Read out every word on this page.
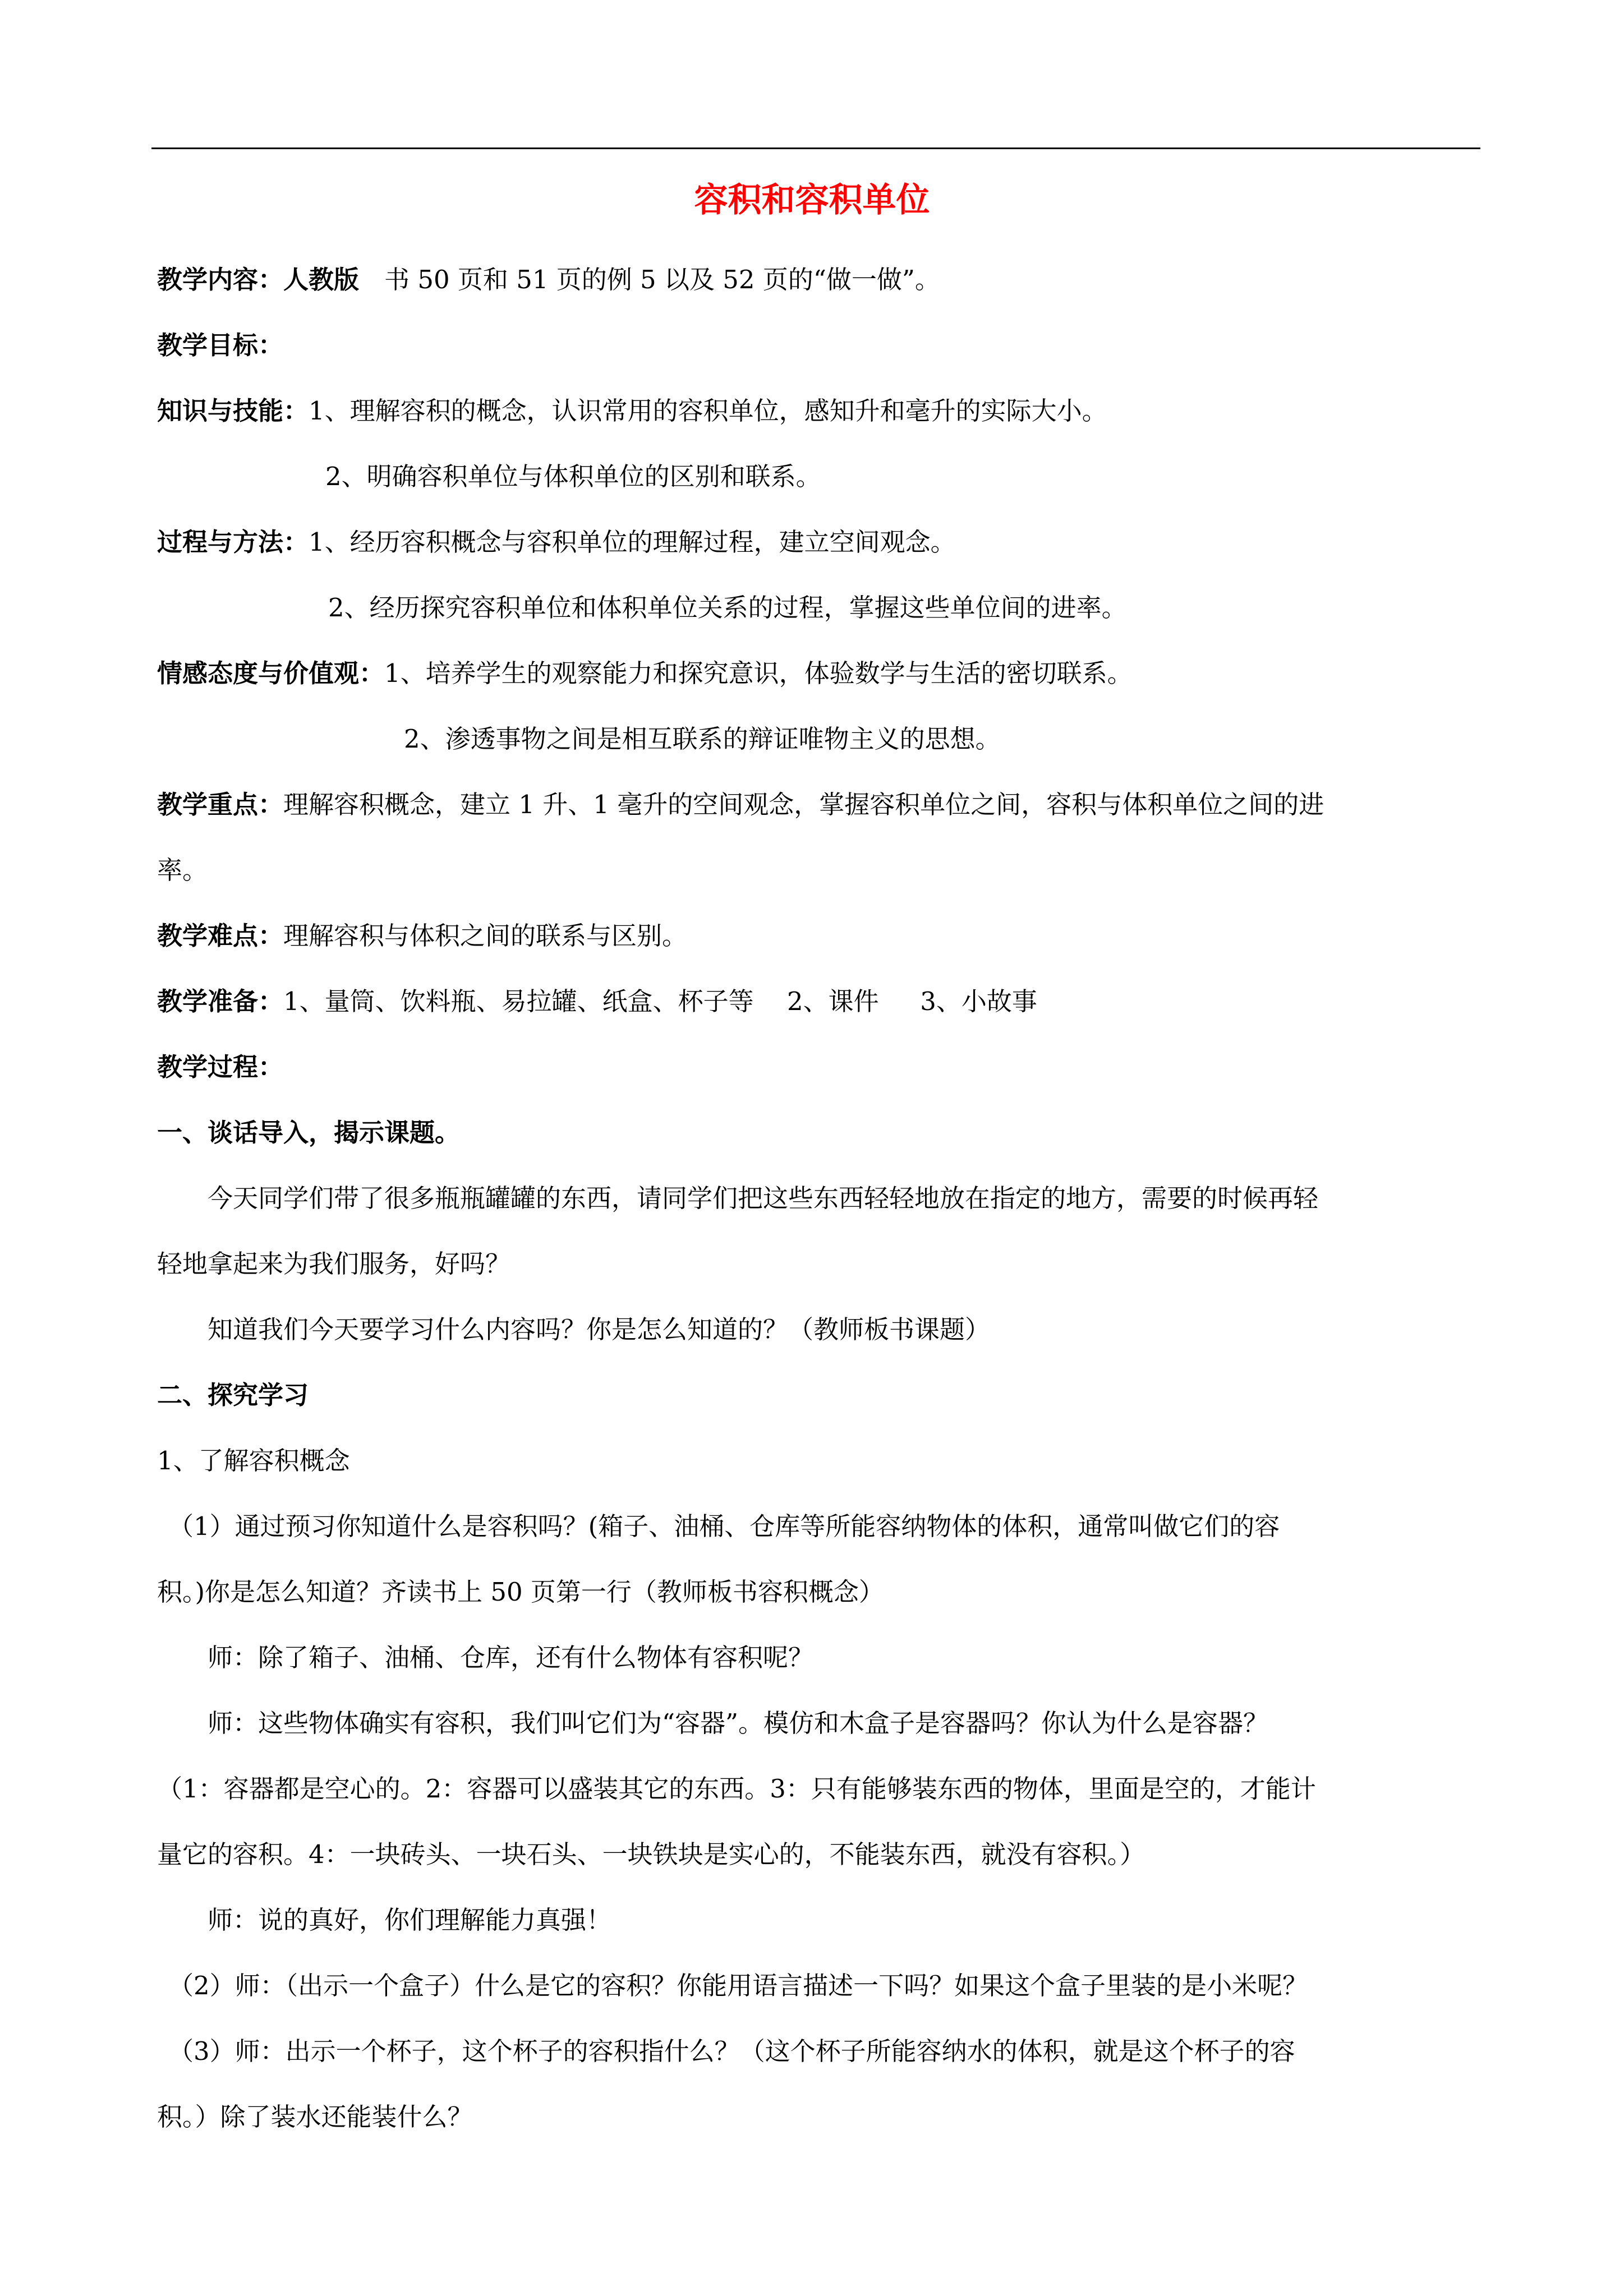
容积和容积单位
教学内容：人教版　书 50 页和 51 页的例 5 以及 52 页的“做一做”。
教学目标：
知识与技能：1、理解容积的概念，认识常用的容积单位，感知升和毫升的实际大小。
2、明确容积单位与体积单位的区别和联系。
过程与方法：1、经历容积概念与容积单位的理解过程，建立空间观念。
2、经历探究容积单位和体积单位关系的过程，掌握这些单位间的进率。
情感态度与价值观：1、培养学生的观察能力和探究意识，体验数学与生活的密切联系。
2、渗透事物之间是相互联系的辩证唯物主义的思想。
教学重点：理解容积概念，建立 1 升、1 毫升的空间观念，掌握容积单位之间，容积与体积单位之间的进
率。
教学难点：理解容积与体积之间的联系与区别。
教学准备：1、量筒、饮料瓶、易拉罐、纸盒、杯子等　 2、课件　  3、小故事
教学过程：
一、谈话导入，揭示课题。
今天同学们带了很多瓶瓶罐罐的东西，请同学们把这些东西轻轻地放在指定的地方，需要的时候再轻
轻地拿起来为我们服务，好吗？
知道我们今天要学习什么内容吗？你是怎么知道的？（教师板书课题）
二、探究学习
1、了解容积概念
（1）通过预习你知道什么是容积吗？(箱子、油桶、仓库等所能容纳物体的体积，通常叫做它们的容
积。)你是怎么知道？齐读书上 50 页第一行（教师板书容积概念）
师：除了箱子、油桶、仓库，还有什么物体有容积呢？
师：这些物体确实有容积，我们叫它们为“容器”。模仿和木盒子是容器吗？你认为什么是容器？
（1：容器都是空心的。2：容器可以盛装其它的东西。3：只有能够装东西的物体，里面是空的，才能计
量它的容积。4：一块砖头、一块石头、一块铁块是实心的，不能装东西，就没有容积。）
师：说的真好，你们理解能力真强！
（2）师：（出示一个盒子）什么是它的容积？你能用语言描述一下吗？如果这个盒子里装的是小米呢？
（3）师：出示一个杯子，这个杯子的容积指什么？（这个杯子所能容纳水的体积，就是这个杯子的容
积。）除了装水还能装什么？
